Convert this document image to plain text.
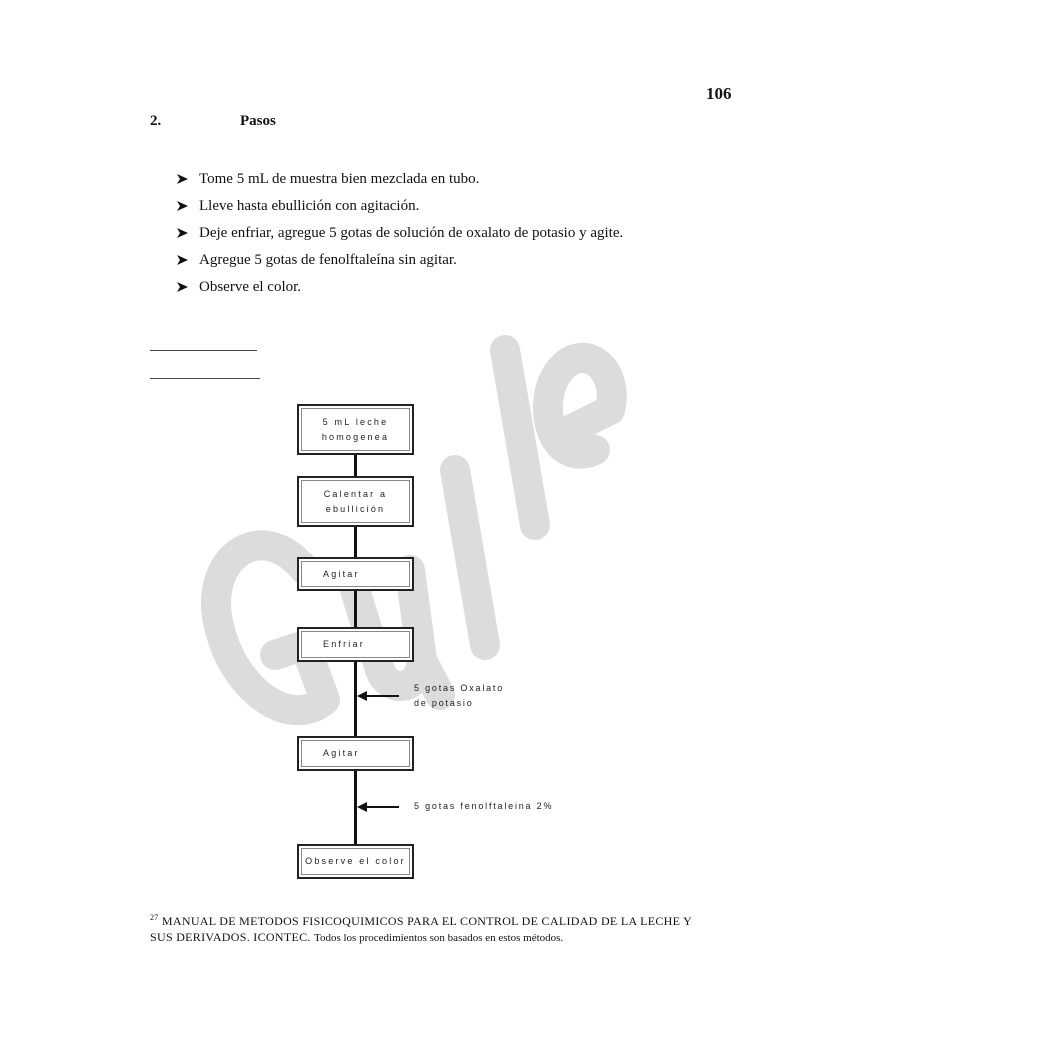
106
2.	Pasos
Tome 5 mL de muestra bien mezclada en tubo.
Lleve hasta ebullición con agitación.
Deje enfriar, agregue 5 gotas de solución de oxalato de potasio y agite.
Agregue 5 gotas de fenolftaleína sin agitar.
Observe el color.
5 mL leche
homogenea
Calentar a
ebullición
Agitar
Enfriar
5 gotas Oxalato
de potasio
Agitar
5 gotas fenolftaleina 2%
Observe el color
$^{27}$ MANUAL DE METODOS FISICOQUIMICOS PARA EL CONTROL DE CALIDAD DE LA LECHE Y SUS DERIVADOS. ICONTEC. Todos los procedimientos son basados en estos métodos.
